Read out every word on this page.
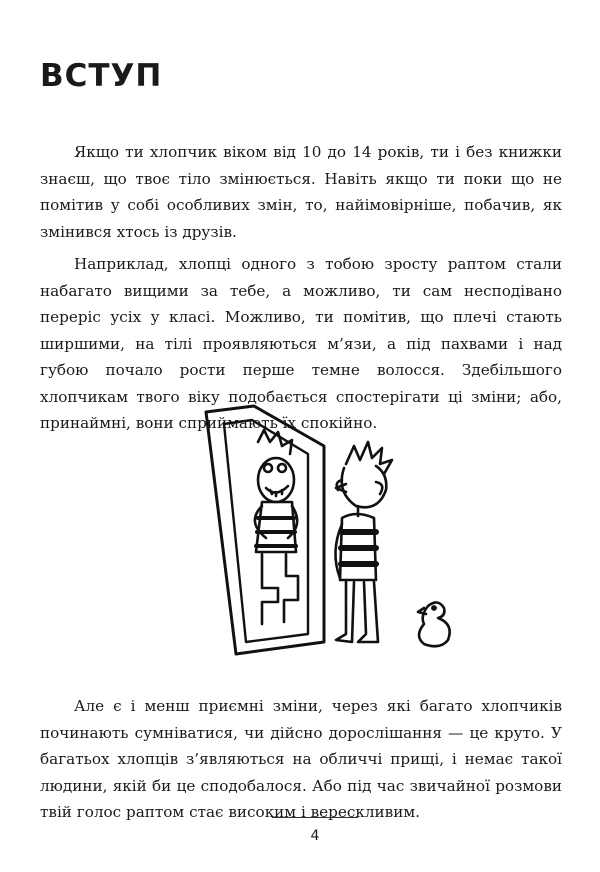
ВСТУП

Якщо ти хлопчик віком від 10 до 14 років, ти і без книжки знаєш, що твоє тіло змінюється. Навіть якщо ти поки що не помітив у собі особливих змін, то, найімовірніше, побачив, як змінився хтось із друзів.

Наприклад, хлопці одного з тобою зросту раптом стали набагато вищими за тебе, а можливо, ти сам несподівано переріс усіх у класі. Можливо, ти помітив, що плечі стають ширшими, на тілі проявляються м’язи, а під пахвами і над губою почало рости перше темне волосся. Здебільшого хлопчикам твого віку подобається спостерігати ці зміни; або, принаймні, вони сприймають їх спокійно.

Але є і менш приємні зміни, через які багато хлопчиків починають сумніватися, чи дійсно дорослішання — це круто. У багатьох хлопців з’являються на обличчі прищі, і немає такої людини, якій би це сподобалося. Або під час звичайної розмови твій голос раптом стає високим і верескливим.

4
